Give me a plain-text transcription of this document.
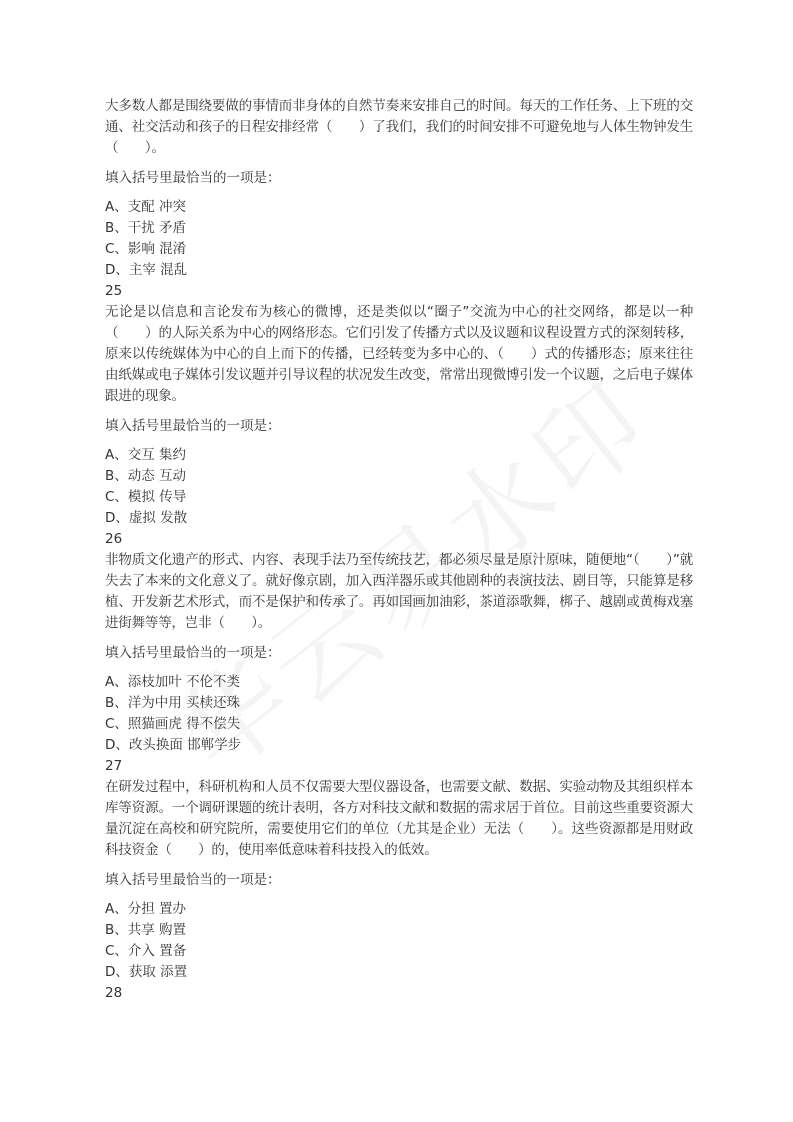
大多数人都是围绕要做的事情而非身体的自然节奏来安排自己的时间。每天的工作任务、上下班的交通、社交活动和孩子的日程安排经常（　　）了我们，我们的时间安排不可避免地与人体生物钟发生（　　）。

填入括号里最恰当的一项是：

A、支配 冲突
B、干扰 矛盾
C、影响 混淆
D、主宰 混乱

25

无论是以信息和言论发布为核心的微博，还是类似以“圈子”交流为中心的社交网络，都是以一种（　　）的人际关系为中心的网络形态。它们引发了传播方式以及议题和议程设置方式的深刻转移，原来以传统媒体为中心的自上而下的传播，已经转变为多中心的、（　　）式的传播形态；原来往往由纸媒或电子媒体引发议题并引导议程的状况发生改变，常常出现微博引发一个议题，之后电子媒体跟进的现象。

填入括号里最恰当的一项是：

A、交互 集约
B、动态 互动
C、模拟 传导
D、虚拟 发散

26

非物质文化遗产的形式、内容、表现手法乃至传统技艺，都必须尽量是原汁原味，随便地“（　　）”就失去了本来的文化意义了。就好像京剧，加入西洋器乐或其他剧种的表演技法、剧目等，只能算是移植、开发新艺术形式，而不是保护和传承了。再如国画加油彩，茶道添歌舞，梆子、越剧或黄梅戏塞进街舞等等，岂非（　　）。

填入括号里最恰当的一项是：

A、添枝加叶 不伦不类
B、洋为中用 买椟还珠
C、照猫画虎 得不偿失
D、改头换面 邯郸学步

27

在研发过程中，科研机构和人员不仅需要大型仪器设备，也需要文献、数据、实验动物及其组织样本库等资源。一个调研课题的统计表明，各方对科技文献和数据的需求居于首位。目前这些重要资源大量沉淀在高校和研究院所，需要使用它们的单位（尤其是企业）无法（　　）。这些资源都是用财政科技资金（　　）的，使用率低意味着科技投入的低效。

填入括号里最恰当的一项是：

A、分担 置办
B、共享 购置
C、介入 置备
D、获取 添置

28
